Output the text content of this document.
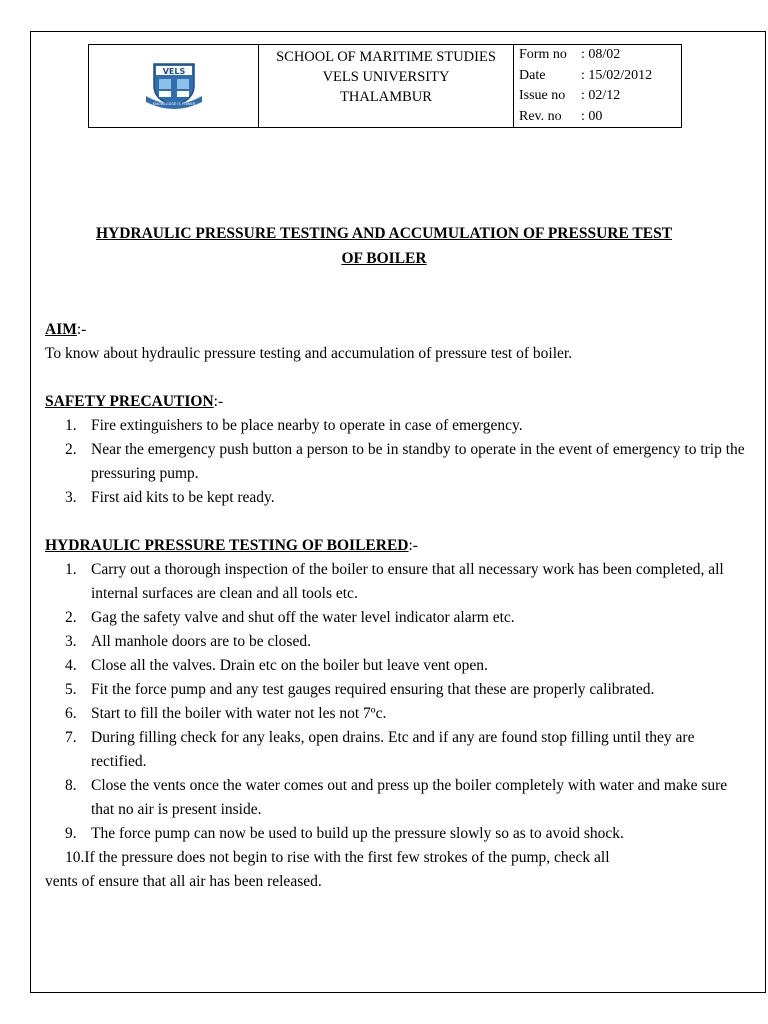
VELS
KNOWLEDGE IS POWER

SCHOOL OF MARITIME STUDIES
VELS UNIVERSITY
THALAMBUR

Form no : 08/02
Date	: 15/02/2012
Issue no : 02/12
Rev. no : 00
HYDRAULIC PRESSURE TESTING AND ACCUMULATION OF PRESSURE TEST
OF BOILER
AIM:-
To know about hydraulic pressure testing and accumulation of pressure test of boiler.
SAFETY PRECAUTION:-
1. Fire extinguishers to be place nearby to operate in case of emergency.
2. Near the emergency push button a person to be in standby to operate in the event of emergency to trip the pressuring pump.
3. First aid kits to be kept ready.
HYDRAULIC PRESSURE TESTING OF BOILERED:-
1. Carry out a thorough inspection of the boiler to ensure that all necessary work has been completed, all internal surfaces are clean and all tools etc.
2. Gag the safety valve and shut off the water level indicator alarm etc.
3. All manhole doors are to be closed.
4. Close all the valves. Drain etc on the boiler but leave vent open.
5. Fit the force pump and any test gauges required ensuring that these are properly calibrated.
6. Start to fill the boiler with water not les not 7ºc.
7. During filling check for any leaks, open drains. Etc and if any are found stop filling until they are rectified.
8. Close the vents once the water comes out and press up the boiler completely with water and make sure that no air is present inside.
9. The force pump can now be used to build up the pressure slowly so as to avoid shock.
10.If the pressure does not begin to rise with the first few strokes of the pump, check all
vents of ensure that all air has been released.
